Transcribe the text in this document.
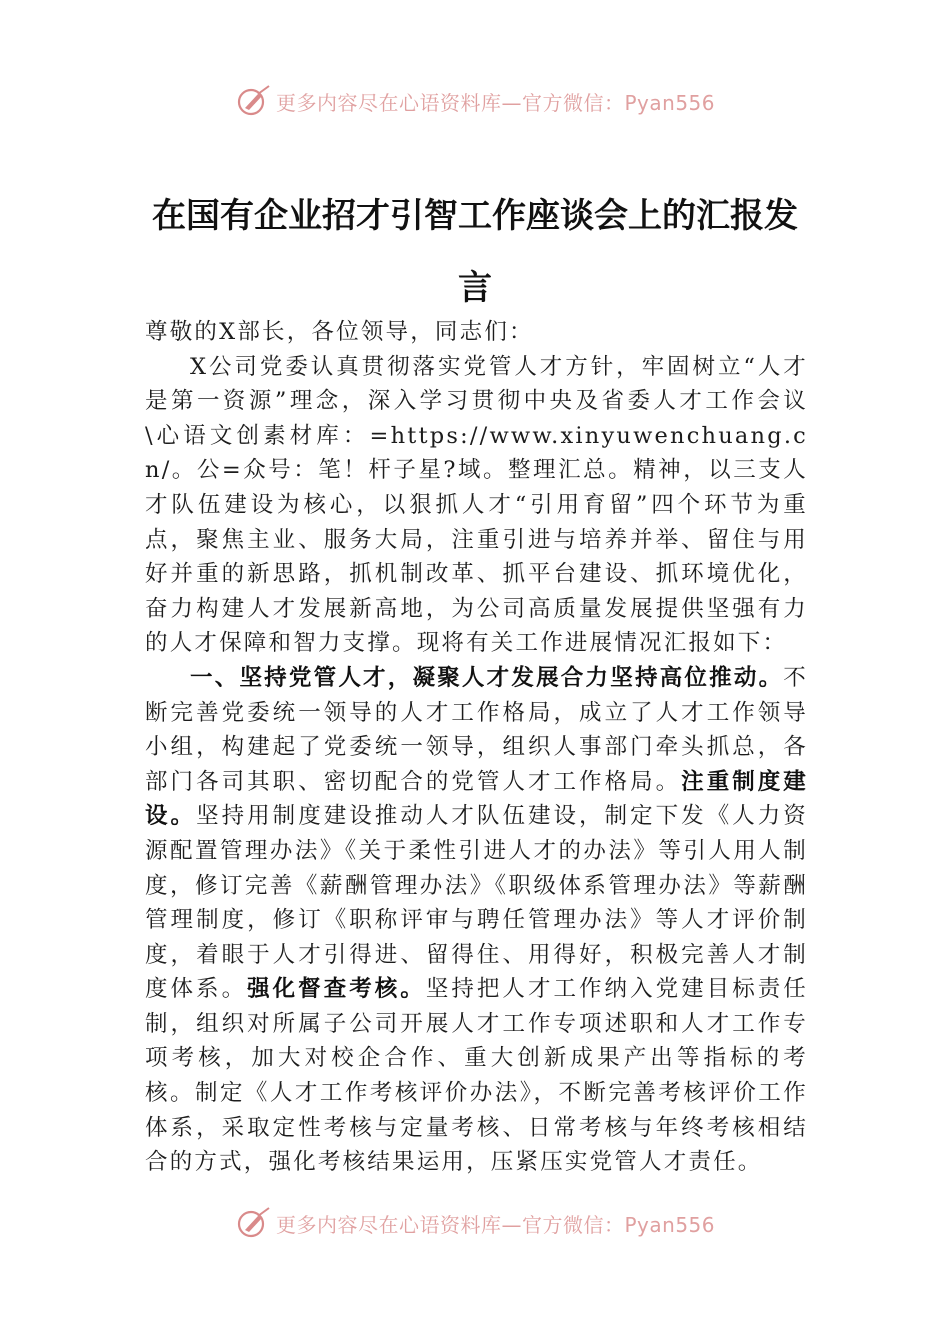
更多内容尽在心语资料库—官方微信：Pyan556
在国有企业招才引智工作座谈会上的汇报发言

尊敬的X部长，各位领导，同志们：

X公司党委认真贯彻落实党管人才方针，牢固树立“人才是第一资源”理念，深入学习贯彻中央及省委人才工作会议\心语文创素材库：=https://www.xinyuwenchuang.cn/。公=众号：笔！杆子星?域。整理汇总。精神，以三支人才队伍建设为核心，以狠抓人才“引用育留”四个环节为重点，聚焦主业、服务大局，注重引进与培养并举、留住与用好并重的新思路，抓机制改革、抓平台建设、抓环境优化，奋力构建人才发展新高地，为公司高质量发展提供坚强有力的人才保障和智力支撑。现将有关工作进展情况汇报如下：

一、坚持党管人才，凝聚人才发展合力坚持高位推动。不断完善党委统一领导的人才工作格局，成立了人才工作领导小组，构建起了党委统一领导，组织人事部门牵头抓总，各部门各司其职、密切配合的党管人才工作格局。注重制度建设。坚持用制度建设推动人才队伍建设，制定下发《人力资源配置管理办法》《关于柔性引进人才的办法》等引人用人制度，修订完善《薪酬管理办法》《职级体系管理办法》等薪酬管理制度，修订《职称评审与聘任管理办法》等人才评价制度，着眼于人才引得进、留得住、用得好，积极完善人才制度体系。强化督查考核。坚持把人才工作纳入党建目标责任制，组织对所属子公司开展人才工作专项述职和人才工作专项考核，加大对校企合作、重大创新成果产出等指标的考核。制定《人才工作考核评价办法》，不断完善考核评价工作体系，采取定性考核与定量考核、日常考核与年终考核相结合的方式，强化考核结果运用，压紧压实党管人才责任。

更多内容尽在心语资料库—官方微信：Pyan556
